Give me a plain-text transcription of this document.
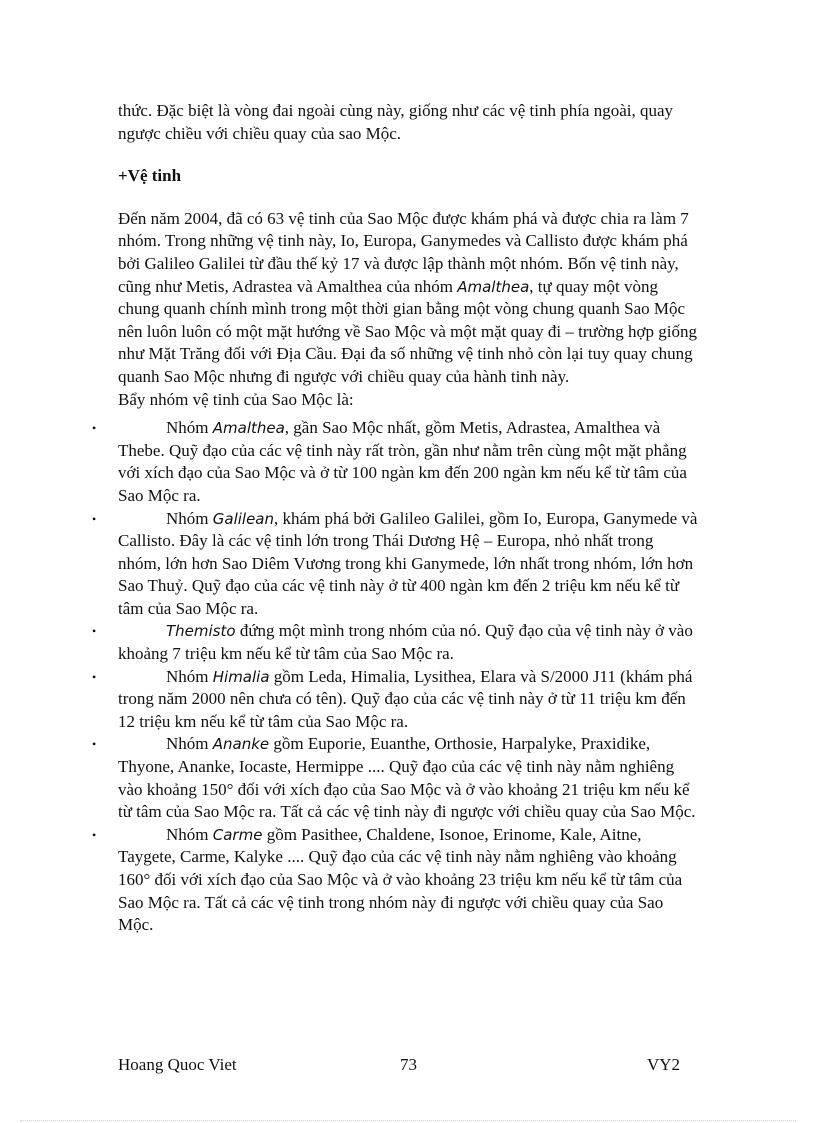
thức. Đặc biệt là vòng đai ngoài cùng này, giống như các vệ tinh phía ngoài, quay ngược chiều với chiều quay của sao Mộc.

+Vệ tinh

Đến năm 2004, đã có 63 vệ tinh của Sao Mộc được khám phá và được chia ra làm 7 nhóm. Trong những vệ tinh này, Io, Europa, Ganymedes và Callisto được khám phá bởi Galileo Galilei từ đầu thế kỷ 17 và được lập thành một nhóm. Bốn vệ tinh này, cũng như Metis, Adrastea và Amalthea của nhóm Amalthea, tự quay một vòng chung quanh chính mình trong một thời gian bằng một vòng chung quanh Sao Mộc nên luôn luôn có một mặt hướng về Sao Mộc và một mặt quay đi – trường hợp giống như Mặt Trăng đối với Địa Cầu. Đại đa số những vệ tinh nhỏ còn lại tuy quay chung quanh Sao Mộc nhưng đi ngược với chiều quay của hành tinh này.

Bẩy nhóm vệ tinh của Sao Mộc là:

•	Nhóm Amalthea, gần Sao Mộc nhất, gồm Metis, Adrastea, Amalthea và Thebe. Quỹ đạo của các vệ tinh này rất tròn, gần như nằm trên cùng một mặt phẳng với xích đạo của Sao Mộc và ở từ 100 ngàn km đến 200 ngàn km nếu kể từ tâm của Sao Mộc ra.
•	Nhóm Galilean, khám phá bởi Galileo Galilei, gồm Io, Europa, Ganymede và Callisto. Đây là các vệ tinh lớn trong Thái Dương Hệ – Europa, nhỏ nhất trong nhóm, lớn hơn Sao Diêm Vương trong khi Ganymede, lớn nhất trong nhóm, lớn hơn Sao Thuỷ. Quỹ đạo của các vệ tinh này ở từ 400 ngàn km đến 2 triệu km nếu kể từ tâm của Sao Mộc ra.
•	Themisto đứng một mình trong nhóm của nó. Quỹ đạo của vệ tinh này ở vào khoảng 7 triệu km nếu kể từ tâm của Sao Mộc ra.
•	Nhóm Himalia gồm Leda, Himalia, Lysithea, Elara và S/2000 J11 (khám phá trong năm 2000 nên chưa có tên). Quỹ đạo của các vệ tinh này ở từ 11 triệu km đến 12 triệu km nếu kể từ tâm của Sao Mộc ra.
•	Nhóm Ananke gồm Euporie, Euanthe, Orthosie, Harpalyke, Praxidike, Thyone, Ananke, Iocaste, Hermippe .... Quỹ đạo của các vệ tinh này nằm nghiêng vào khoảng 150° đối với xích đạo của Sao Mộc và ở vào khoảng 21 triệu km nếu kể từ tâm của Sao Mộc ra. Tất cả các vệ tinh này đi ngược với chiều quay của Sao Mộc.
•	Nhóm Carme gồm Pasithee, Chaldene, Isonoe, Erinome, Kale, Aitne, Taygete, Carme, Kalyke .... Quỹ đạo của các vệ tinh này nằm nghiêng vào khoảng 160° đối với xích đạo của Sao Mộc và ở vào khoảng 23 triệu km nếu kể từ tâm của Sao Mộc ra. Tất cả các vệ tinh trong nhóm này đi ngược với chiều quay của Sao Mộc.
Hoang Quoc Viet	73	VY2
